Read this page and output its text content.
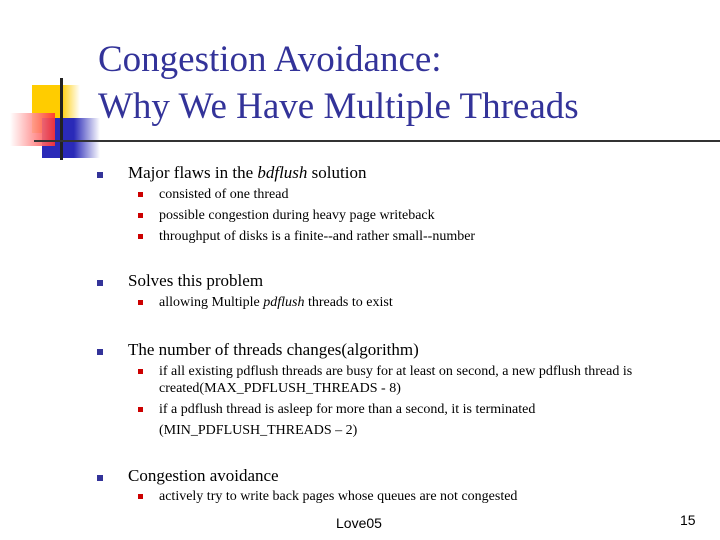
Congestion Avoidance:
Why We Have Multiple Threads
Major flaws in the bdflush solution
consisted of one thread
possible congestion during heavy page writeback
throughput of disks is a finite--and rather small--number
Solves this problem
allowing Multiple pdflush threads to exist
The number of threads changes(algorithm)
if all existing pdflush threads are busy for at least on second, a new pdflush thread is
created(MAX_PDFLUSH_THREADS - 8)
if a pdflush thread is asleep for more than a second, it is terminated
(MIN_PDFLUSH_THREADS – 2)
Congestion avoidance
actively try to write back pages whose queues are not congested
Love05	15
